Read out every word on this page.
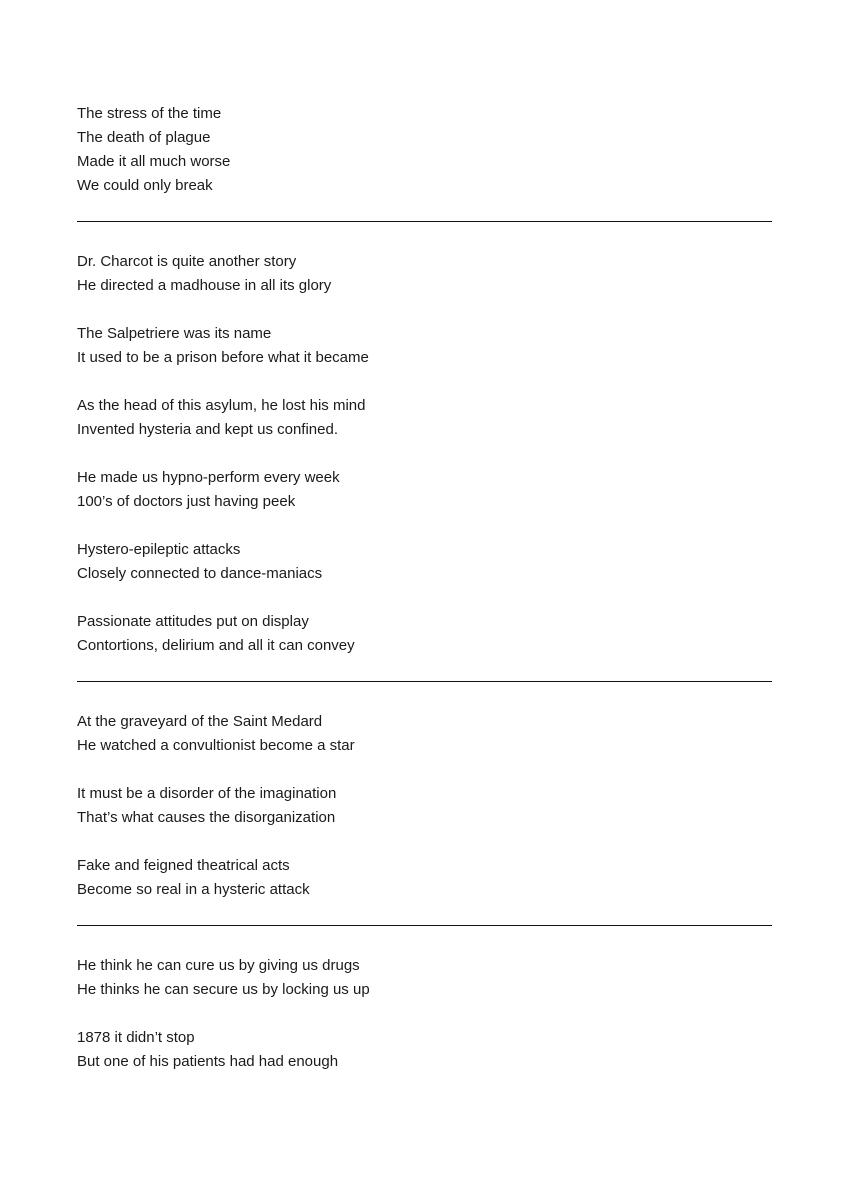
The stress of the time
The death of plague
Made it all much worse
We could only break
Dr. Charcot is quite another story
He directed a madhouse in all its glory
The Salpetriere was its name
It used to be a prison before what it became
As the head of this asylum, he lost his mind
Invented hysteria and kept us confined.
He made us hypno-perform every week
100’s of doctors just having peek
Hystero-epileptic attacks
Closely connected to dance-maniacs
Passionate attitudes put on display
Contortions, delirium and all it can convey
At the graveyard of the Saint Medard
He watched a convultionist become a star
It must be a disorder of the imagination
That’s what causes the disorganization
Fake and feigned theatrical acts
Become so real in a hysteric attack
He think he can cure us by giving us drugs
He thinks he can secure us by locking us up
1878 it didn’t stop
But one of his patients had had enough
